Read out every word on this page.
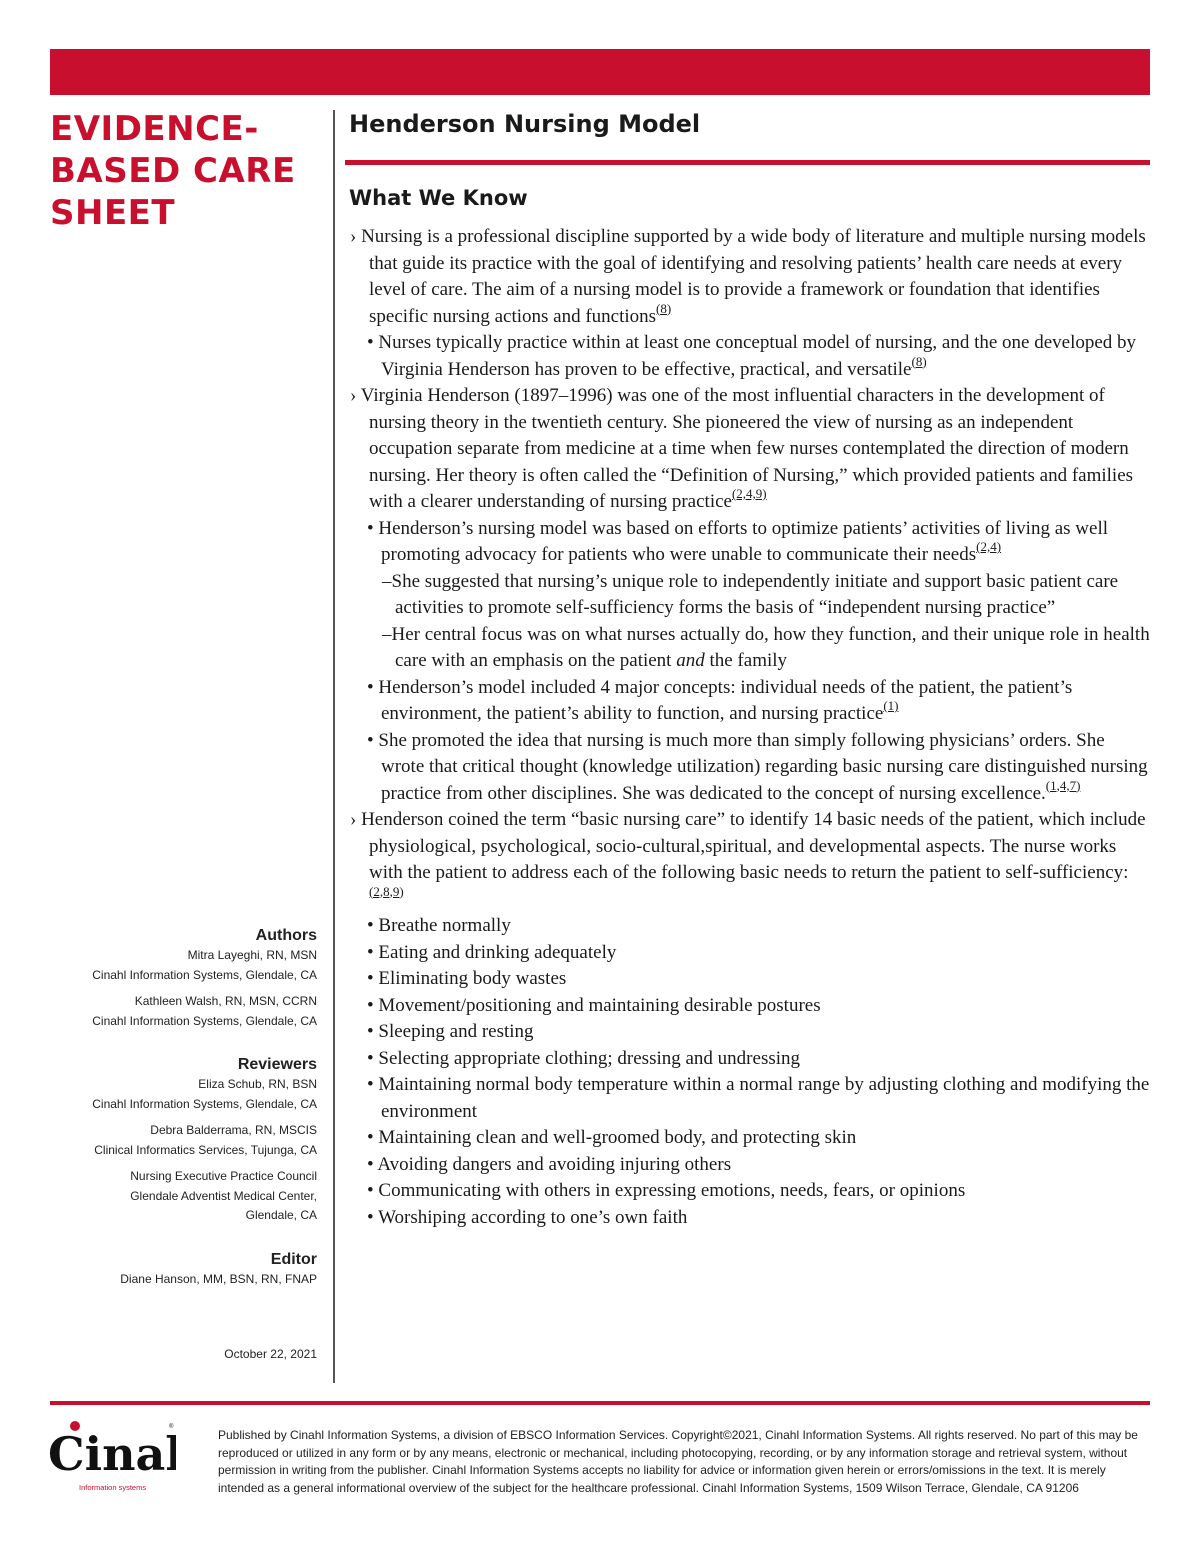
EVIDENCE-
BASED CARE
SHEET
Henderson Nursing Model
What We Know

› Nursing is a professional discipline supported by a wide body of literature and multiple nursing models that guide its practice with the goal of identifying and resolving patients’ health care needs at every level of care. The aim of a nursing model is to provide a framework or foundation that identifies specific nursing actions and functions$^{(8)}$

• Nurses typically practice within at least one conceptual model of nursing, and the one developed by Virginia Henderson has proven to be effective, practical, and versatile$^{(8)}$

› Virginia Henderson (1897–1996) was one of the most influential characters in the development of nursing theory in the twentieth century. She pioneered the view of nursing as an independent occupation separate from medicine at a time when few nurses contemplated the direction of modern nursing. Her theory is often called the “Definition of Nursing,” which provided patients and families with a clearer understanding of nursing practice$^{(2,4,9)}$

• Henderson’s nursing model was based on efforts to optimize patients’ activities of living as well promoting advocacy for patients who were unable to communicate their needs$^{(2,4)}$

–She suggested that nursing’s unique role to independently initiate and support basic patient care activities to promote self-sufficiency forms the basis of “independent nursing practice”

–Her central focus was on what nurses actually do, how they function, and their unique role in health care with an emphasis on the patient and the family

• Henderson’s model included 4 major concepts: individual needs of the patient, the patient’s environment, the patient’s ability to function, and nursing practice$^{(1)}$

• She promoted the idea that nursing is much more than simply following physicians’ orders. She wrote that critical thought (knowledge utilization) regarding basic nursing care distinguished nursing practice from other disciplines. She was dedicated to the concept of nursing excellence.$^{(1,4,7)}$

› Henderson coined the term “basic nursing care” to identify 14 basic needs of the patient, which include physiological, psychological, socio-cultural,spiritual, and developmental aspects. The nurse works with the patient to address each of the following basic needs to return the patient to self-sufficiency:$^{(2,8,9)}$

• Breathe normally

• Eating and drinking adequately

• Eliminating body wastes

• Movement/positioning and maintaining desirable postures

• Sleeping and resting

• Selecting appropriate clothing; dressing and undressing

• Maintaining normal body temperature within a normal range by adjusting clothing and modifying the environment

• Maintaining clean and well-groomed body, and protecting skin

• Avoiding dangers and avoiding injuring others

• Communicating with others in expressing emotions, needs, fears, or opinions

• Worshiping according to one’s own faith

Authors
Mitra Layeghi, RN, MSN
Cinahl Information Systems, Glendale, CA
Kathleen Walsh, RN, MSN, CCRN
Cinahl Information Systems, Glendale, CA
Reviewers
Eliza Schub, RN, BSN
Cinahl Information Systems, Glendale, CA
Debra Balderrama, RN, MSCIS
Clinical Informatics Services, Tujunga, CA
Nursing Executive Practice Council
Glendale Adventist Medical Center,
Glendale, CA
Editor
Diane Hanson, MM, BSN, RN, FNAP
October 22, 2021
Cina
Information systems
®
Published by Cinahl Information Systems, a division of EBSCO Information Services. Copyright©2021, Cinahl Information Systems. All rights reserved. No part of this may be reproduced or utilized in any form or by any means, electronic or mechanical, including photocopying, recording, or by any information storage and retrieval system, without permission in writing from the publisher. Cinahl Information Systems accepts no liability for advice or information given herein or errors/omissions in the text. It is merely intended as a general informational overview of the subject for the healthcare professional. Cinahl Information Systems, 1509 Wilson Terrace, Glendale, CA 91206
